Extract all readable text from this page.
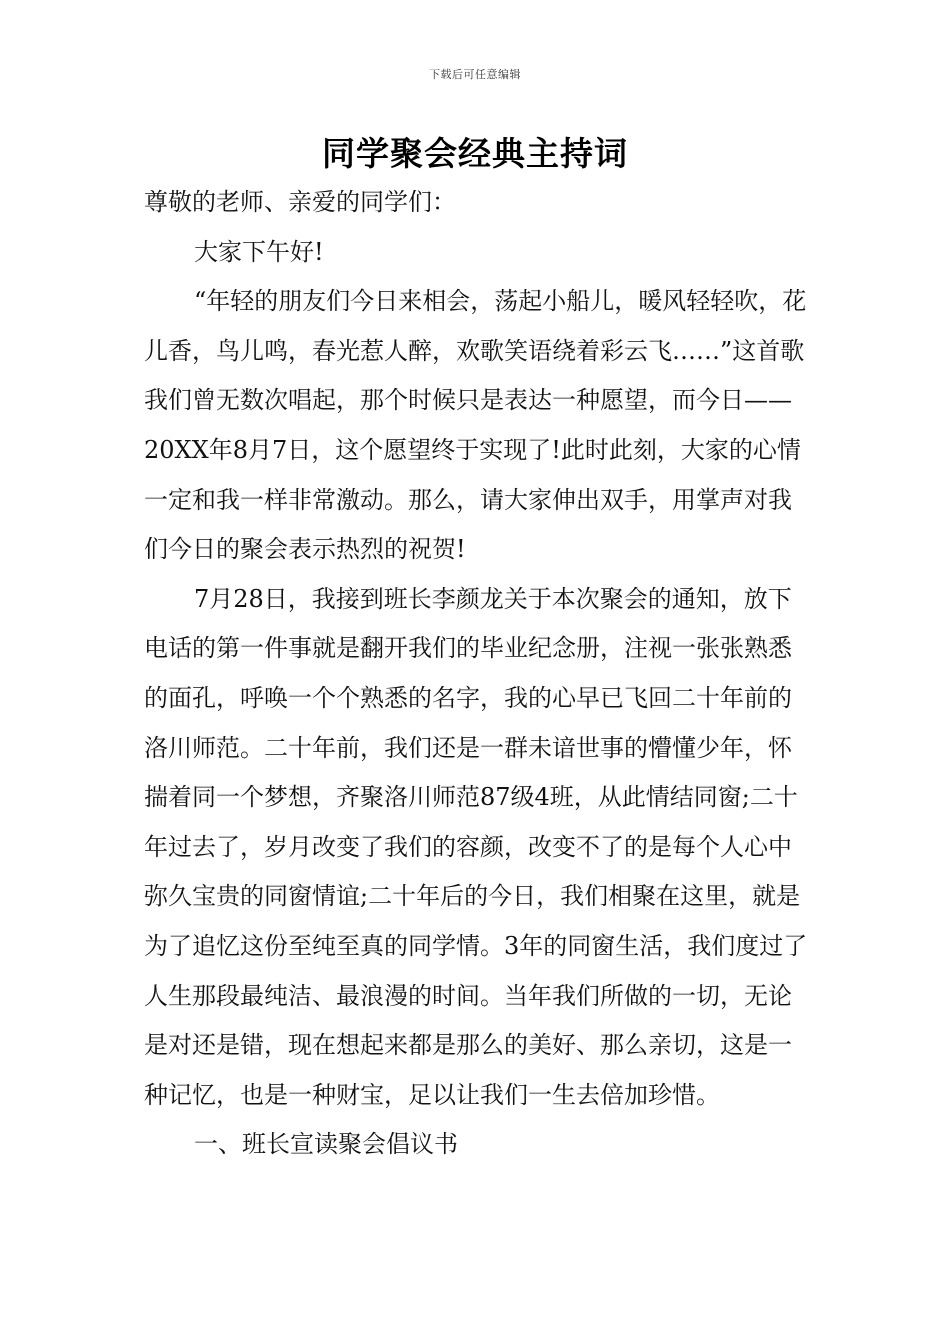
下载后可任意编辑
同学聚会经典主持词

尊敬的老师、亲爱的同学们：

大家下午好!

“年轻的朋友们今日来相会，荡起小船儿，暖风轻轻吹，花儿香，鸟儿鸣，春光惹人醉，欢歌笑语绕着彩云飞……”这首歌我们曾无数次唱起，那个时候只是表达一种愿望，而今日——20XX年8月7日，这个愿望终于实现了!此时此刻，大家的心情一定和我一样非常激动。那么，请大家伸出双手，用掌声对我们今日的聚会表示热烈的祝贺!

7月28日，我接到班长李颜龙关于本次聚会的通知，放下电话的第一件事就是翻开我们的毕业纪念册，注视一张张熟悉的面孔，呼唤一个个熟悉的名字，我的心早已飞回二十年前的洛川师范。二十年前，我们还是一群未谙世事的懵懂少年，怀揣着同一个梦想，齐聚洛川师范87级4班，从此情结同窗;二十年过去了，岁月改变了我们的容颜，改变不了的是每个人心中弥久宝贵的同窗情谊;二十年后的今日，我们相聚在这里，就是为了追忆这份至纯至真的同学情。3年的同窗生活，我们度过了人生那段最纯洁、最浪漫的时间。当年我们所做的一切，无论是对还是错，现在想起来都是那么的美好、那么亲切，这是一种记忆，也是一种财宝，足以让我们一生去倍加珍惜。

一、班长宣读聚会倡议书
